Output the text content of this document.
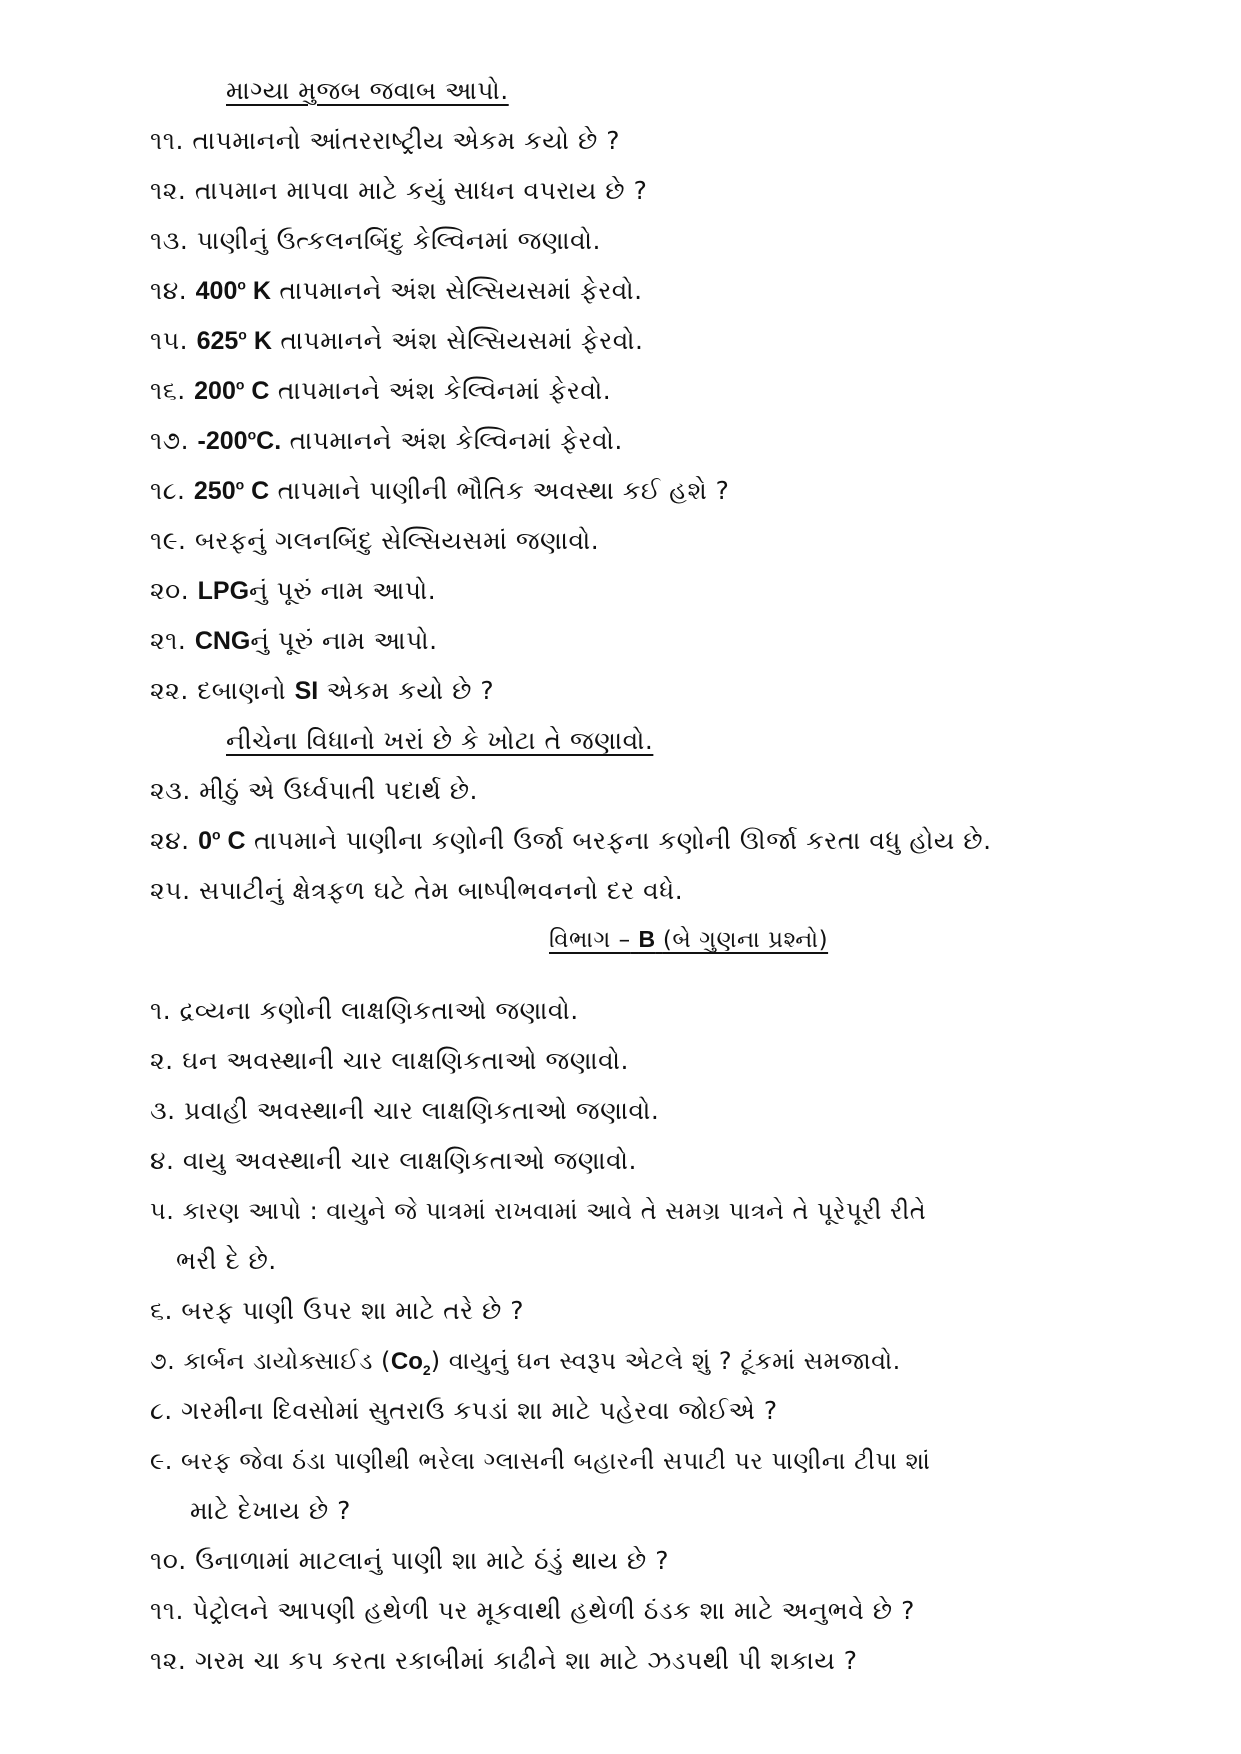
માગ્યા મુજબ જવાબ આપો.
૧૧. તાપમાનનો આંતરરાષ્ટ્રીય એકમ કયો છે ?
૧૨. તાપમાન માપવા માટે કયું સાધન વપરાય છે ?
૧૩. પાણીનું ઉત્કલનબિંદુ કેલ્વિનમાં જણાવો.
૧૪. 400$^o$ K તાપમાનને અંશ સેલ્સિયસમાં ફેરવો.
૧૫. 625$^o$ K તાપમાનને અંશ સેલ્સિયસમાં ફેરવો.
૧૬. 200$^o$ C તાપમાનને અંશ કેલ્વિનમાં ફેરવો.
૧૭. -200$^o$C. તાપમાનને અંશ કેલ્વિનમાં ફેરવો.
૧૮. 250$^o$ C તાપમાને પાણીની ભૌતિક અવસ્થા કઈ હશે ?
૧૯. બરફનું ગલનબિંદુ સેલ્સિયસમાં જણાવો.
૨૦. LPGનું પૂરું નામ આપો.
૨૧. CNGનું પૂરું નામ આપો.
૨૨. દબાણનો SI એકમ કયો છે ?
નીચેના વિધાનો ખરાં છે કે ખોટા તે જણાવો.
૨૩. મીઠું એ ઉર્ધ્વપાતી પદાર્થ છે.
૨૪. 0$^o$ C તાપમાને પાણીના કણોની ઉર્જા બરફના કણોની ઊર્જા કરતા વધુ હોય છે.
૨૫. સપાટીનું ક્ષેત્રફળ ઘટે તેમ બાષ્પીભવનનો દર વધે.
વિભાગ – B (બે ગુણના પ્રશ્નો)
૧. દ્રવ્યના કણોની લાક્ષણિકતાઓ જણાવો.
૨. ઘન અવસ્થાની ચાર લાક્ષણિકતાઓ જણાવો.
૩. પ્રવાહી અવસ્થાની ચાર લાક્ષણિકતાઓ જણાવો.
૪. વાયુ અવસ્થાની ચાર લાક્ષણિકતાઓ જણાવો.
૫. કારણ આપો : વાયુને જે પાત્રમાં રાખવામાં આવે તે સમગ્ર પાત્રને તે પૂરેપૂરી રીતે
ભરી દે છે.
૬. બરફ પાણી ઉપર શા માટે તરે છે ?
૭. કાર્બન ડાયોક્સાઈડ $(Co_2)$ વાયુનું ઘન સ્વરૂપ એટલે શું ? ટૂંકમાં સમજાવો.
૮. ગરમીના દિવસોમાં સુતરાઉ કપડાં શા માટે પહેરવા જોઈએ ?
૯. બરફ જેવા ઠંડા પાણીથી ભરેલા ગ્લાસની બહારની સપાટી પર પાણીના ટીપા શાં
માટે દેખાય છે ?
૧૦. ઉનાળામાં માટલાનું પાણી શા માટે ઠંડું થાય છે ?
૧૧. પેટ્રોલને આપણી હથેળી પર મૂકવાથી હથેળી ઠંડક શા માટે અનુભવે છે ?
૧૨. ગરમ ચા કપ કરતા રકાબીમાં કાઢીને શા માટે ઝડપથી પી શકાય ?
